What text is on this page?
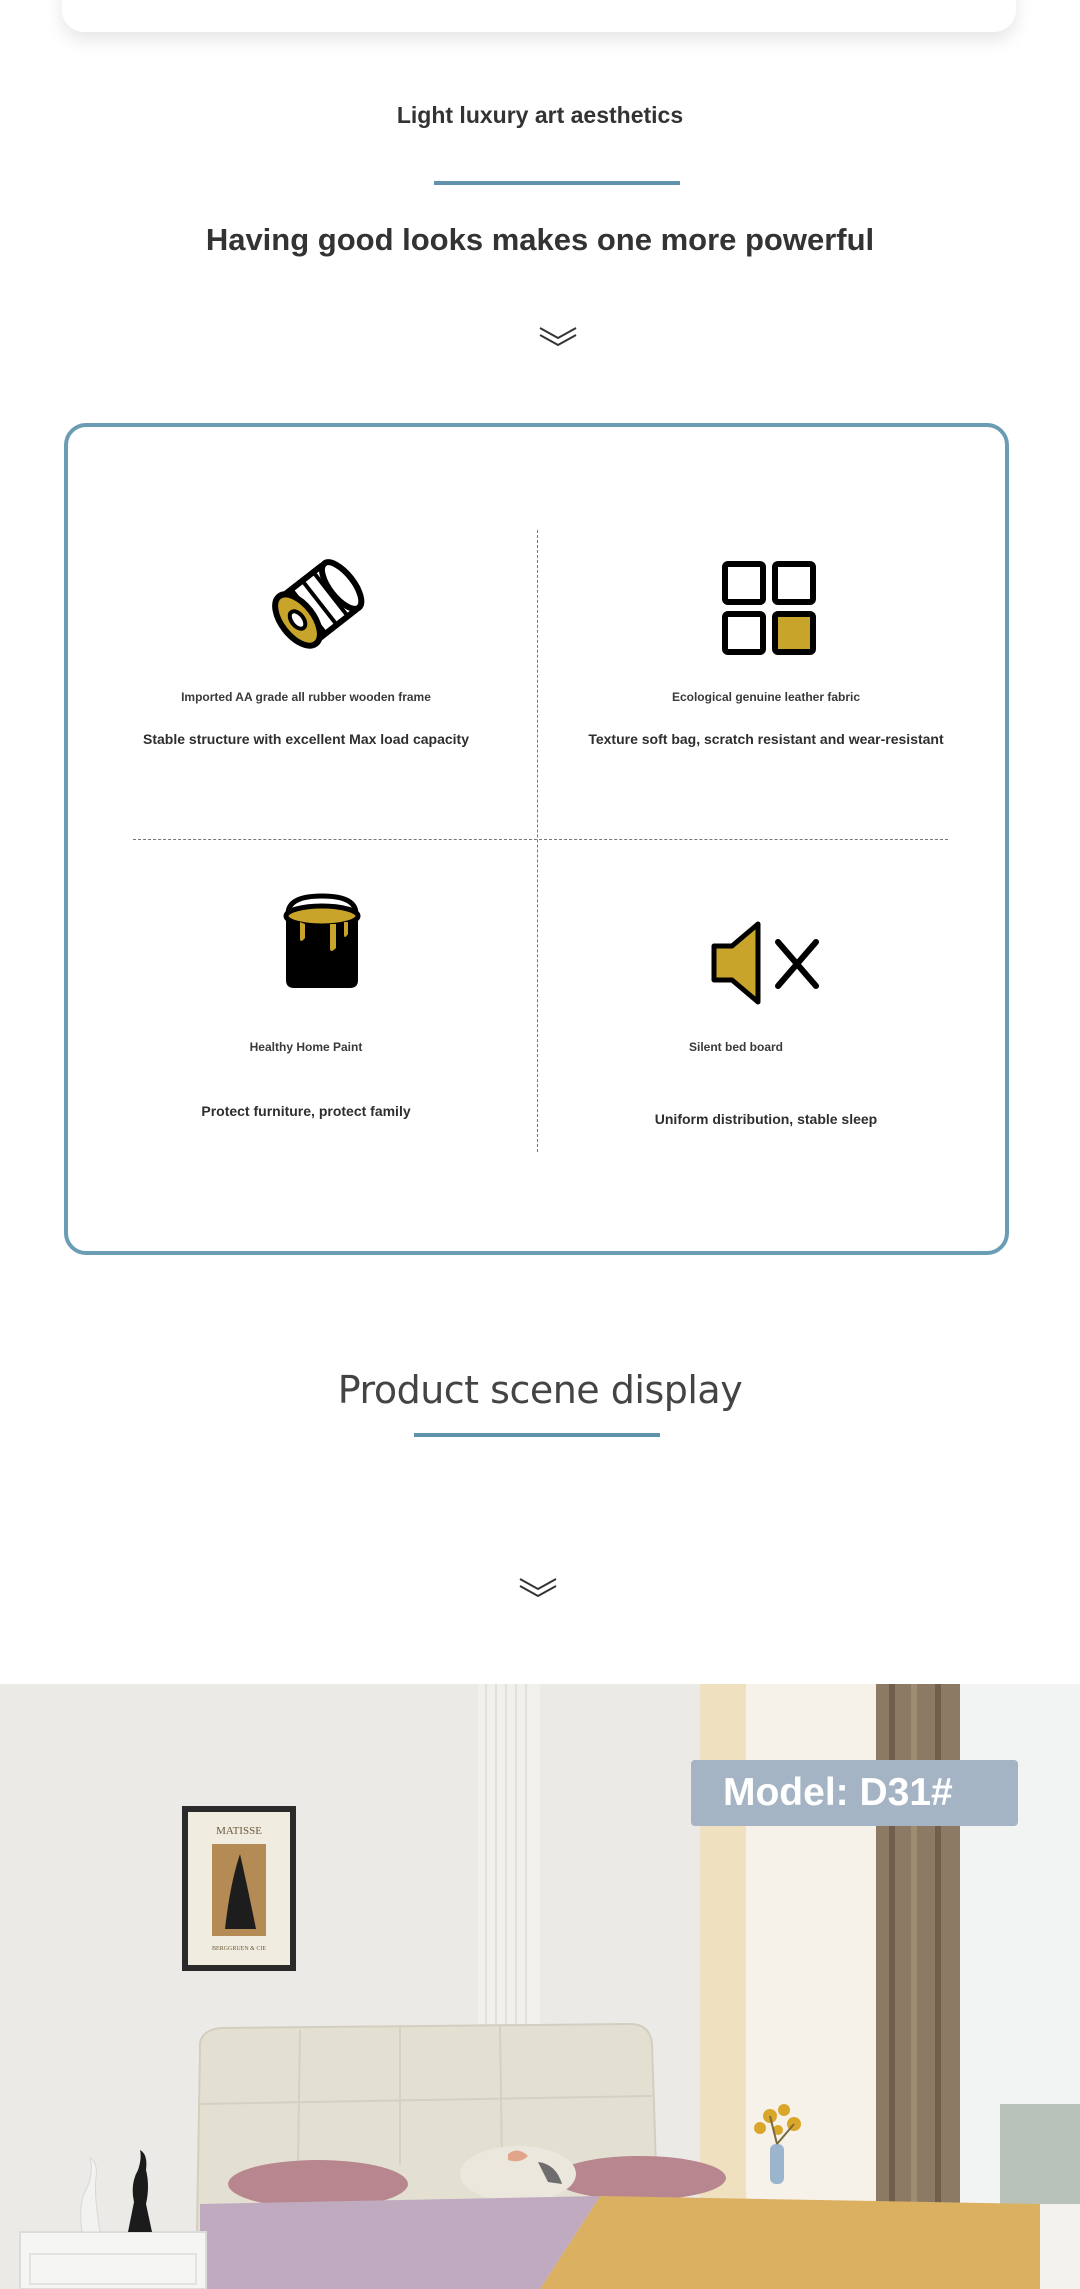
Light luxury art aesthetics
Having good looks makes one more powerful
Imported AA grade all rubber wooden frame
Stable structure with excellent Max load capacity
Ecological genuine leather fabric
Texture soft bag, scratch resistant and wear-resistant
Healthy Home Paint
Protect furniture, protect family
Silent bed board
Uniform distribution, stable sleep
Product scene display
MATISSE
BERGGRUEN & CIE
Model: D31#
